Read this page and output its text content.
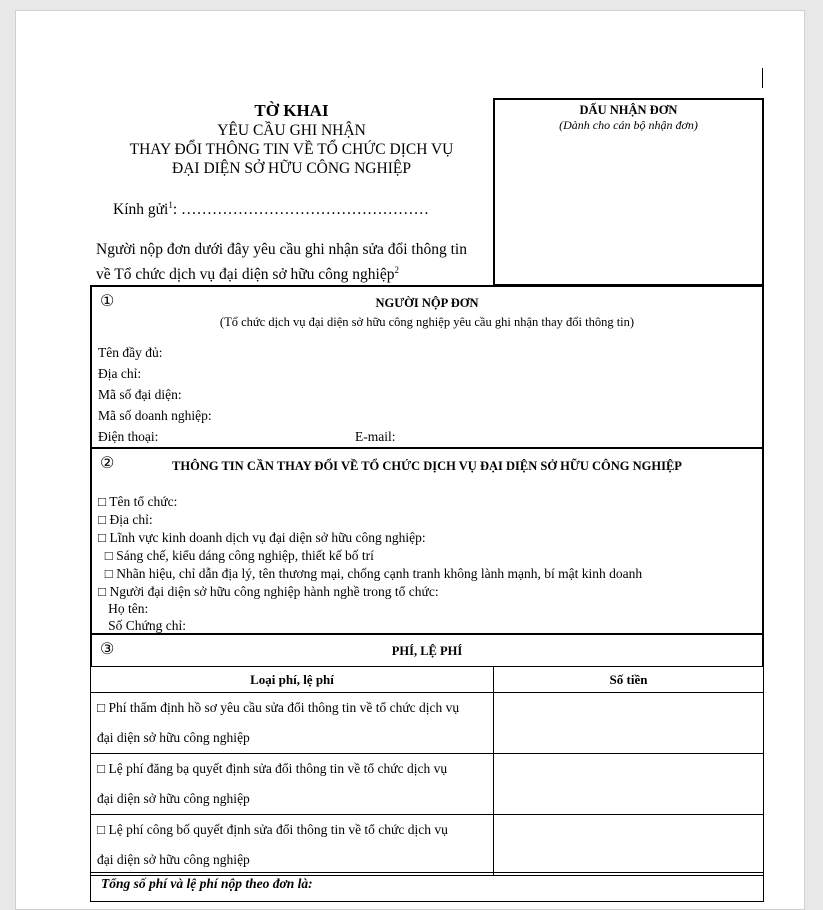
TỜ KHAI
YÊU CẦU GHI NHẬN
THAY ĐỔI THÔNG TIN VỀ TỔ CHỨC DỊCH VỤ
ĐẠI DIỆN SỞ HỮU CÔNG NGHIỆP
Kính gửi$^1$: …………………………………………
Người nộp đơn dưới đây yêu cầu ghi nhận sửa đổi thông tin
về Tổ chức dịch vụ đại diện sở hữu công nghiệp$^2$
DẤU NHẬN ĐƠN
(Dành cho cán bộ nhận đơn)
①	NGƯỜI NỘP ĐƠN
(Tổ chức dịch vụ đại diện sở hữu công nghiệp yêu cầu ghi nhận thay đổi thông tin)
Tên đầy đủ:
Địa chỉ:
Mã số đại diện:
Mã số doanh nghiệp:
Điện thoại:	E-mail:
②	THÔNG TIN CẦN THAY ĐỔI VỀ TỔ CHỨC DỊCH VỤ ĐẠI DIỆN SỞ HỮU CÔNG NGHIỆP
□ Tên tổ chức:
□ Địa chỉ:
□ Lĩnh vực kinh doanh dịch vụ đại diện sở hữu công nghiệp:
□ Sáng chế, kiểu dáng công nghiệp, thiết kế bố trí
□ Nhãn hiệu, chỉ dẫn địa lý, tên thương mại, chống cạnh tranh không lành mạnh, bí mật kinh doanh
□ Người đại diện sở hữu công nghiệp hành nghề trong tổ chức:
Họ tên:
Số Chứng chỉ:
③	PHÍ, LỆ PHÍ
Loại phí, lệ phí	Số tiền
□ Phí thẩm định hồ sơ yêu cầu sửa đổi thông tin về tổ chức dịch vụ
đại diện sở hữu công nghiệp	
□ Lệ phí đăng bạ quyết định sửa đổi thông tin về tổ chức dịch vụ
đại diện sở hữu công nghiệp	
□ Lệ phí công bố quyết định sửa đổi thông tin về tổ chức dịch vụ
đại diện sở hữu công nghiệp	
Tổng số phí và lệ phí nộp theo đơn là:
